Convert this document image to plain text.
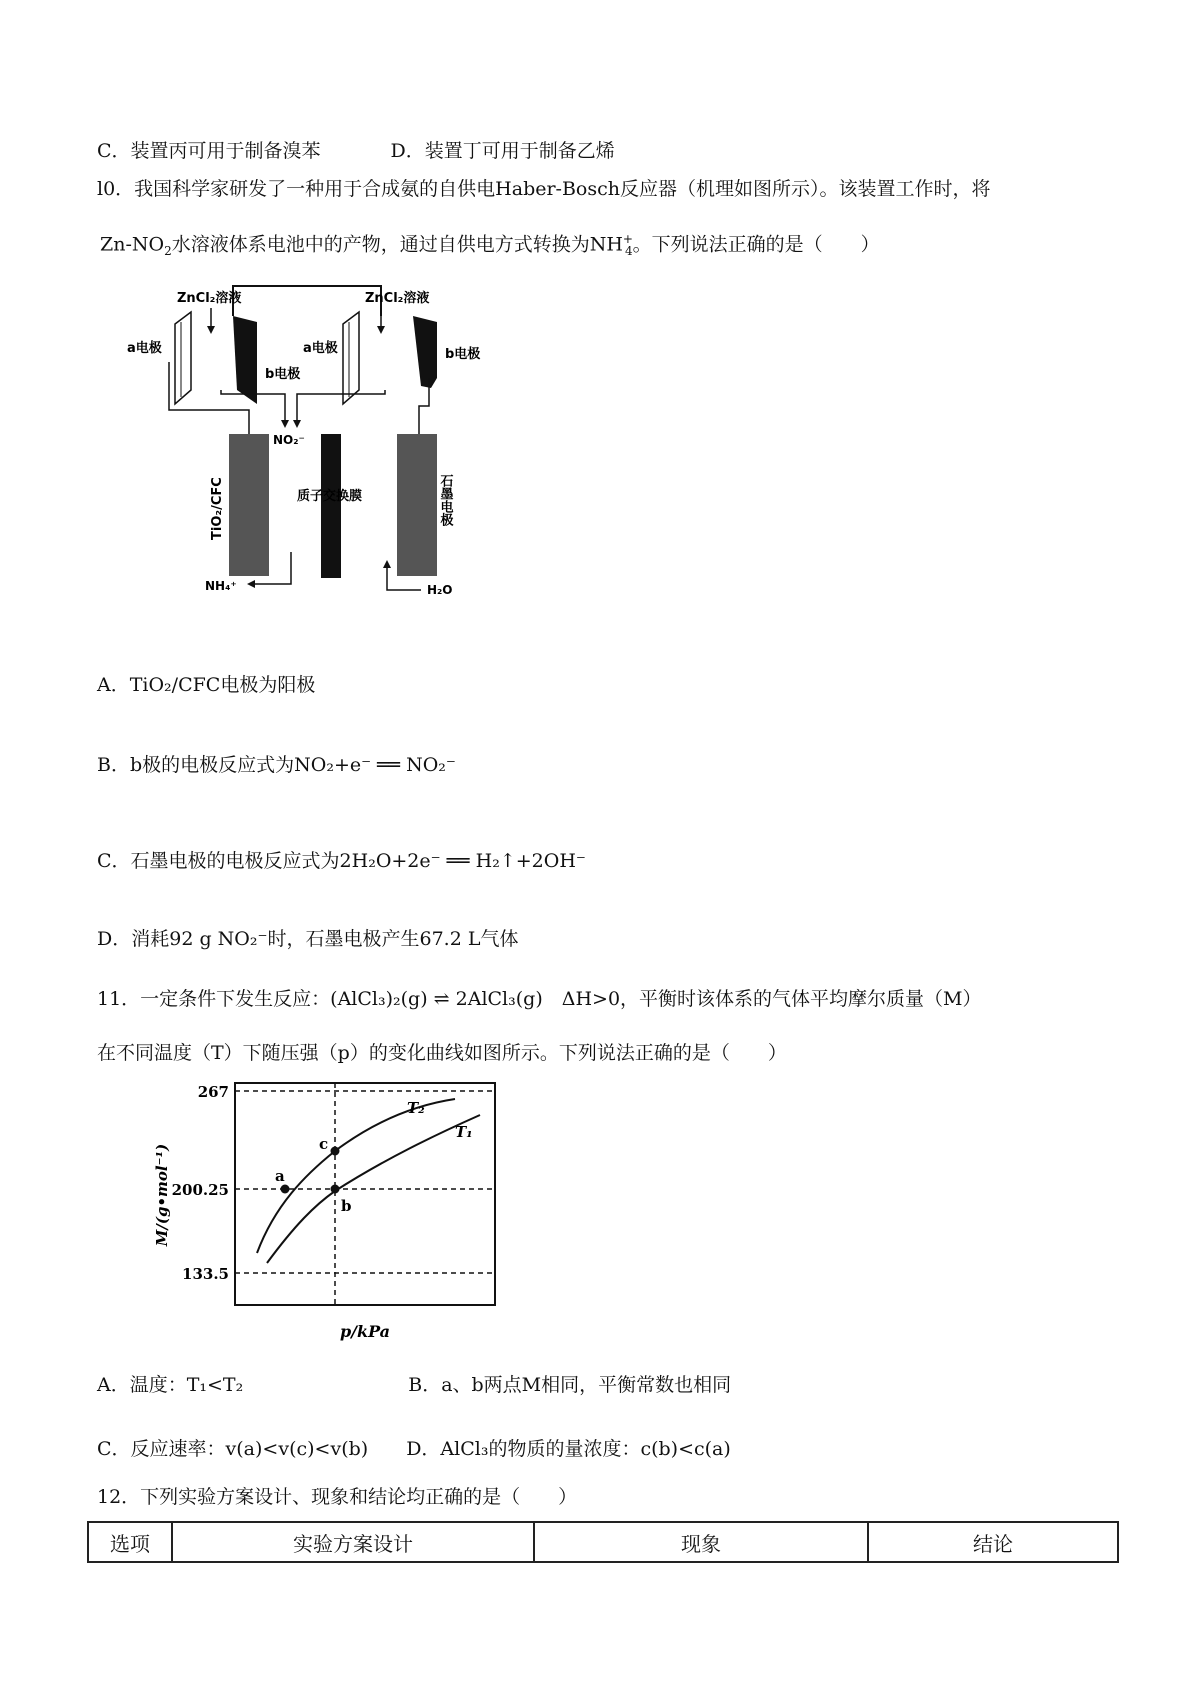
C．装置丙可用于制备溴苯	D．装置丁可用于制备乙烯
l0．我国科学家研发了一种用于合成氨的自供电Haber-Bosch反应器（机理如图所示）。该装置工作时，将
$Zn-NO_2$水溶液体系电池中的产物，通过自供电方式转换为$NH^+_4$。下列说法正确的是（　　）
ZnCl₂溶液
a电极
b电极
ZnCl₂溶液
a电极	b电极
NO₂⁻
TiO₂/CFC	质子交换膜	石墨电极
NH₄⁺	H₂O
A．TiO₂/CFC电极为阳极
B．b极的电极反应式为NO₂+e⁻ ══ NO₂⁻
C．石墨电极的电极反应式为2H₂O+2e⁻ ══ H₂↑+2OH⁻
D．消耗92 g NO₂⁻时，石墨电极产生67.2 L气体
11．一定条件下发生反应：(AlCl₃)₂(g) ⇌ 2AlCl₃(g)　ΔH>0，平衡时该体系的气体平均摩尔质量（M）
在不同温度（T）下随压强（p）的变化曲线如图所示。下列说法正确的是（　　）
267
200.25
133.5
M/(g•mol⁻¹)
p/kPa
T₂
T₁
a
b
c
A．温度：T₁<T₂	B．a、b两点M相同，平衡常数也相同
C．反应速率：v(a)<v(c)<v(b) D．AlCl₃的物质的量浓度：c(b)<c(a)
12．下列实验方案设计、现象和结论均正确的是（　　）
选项	实验方案设计	现象	结论
